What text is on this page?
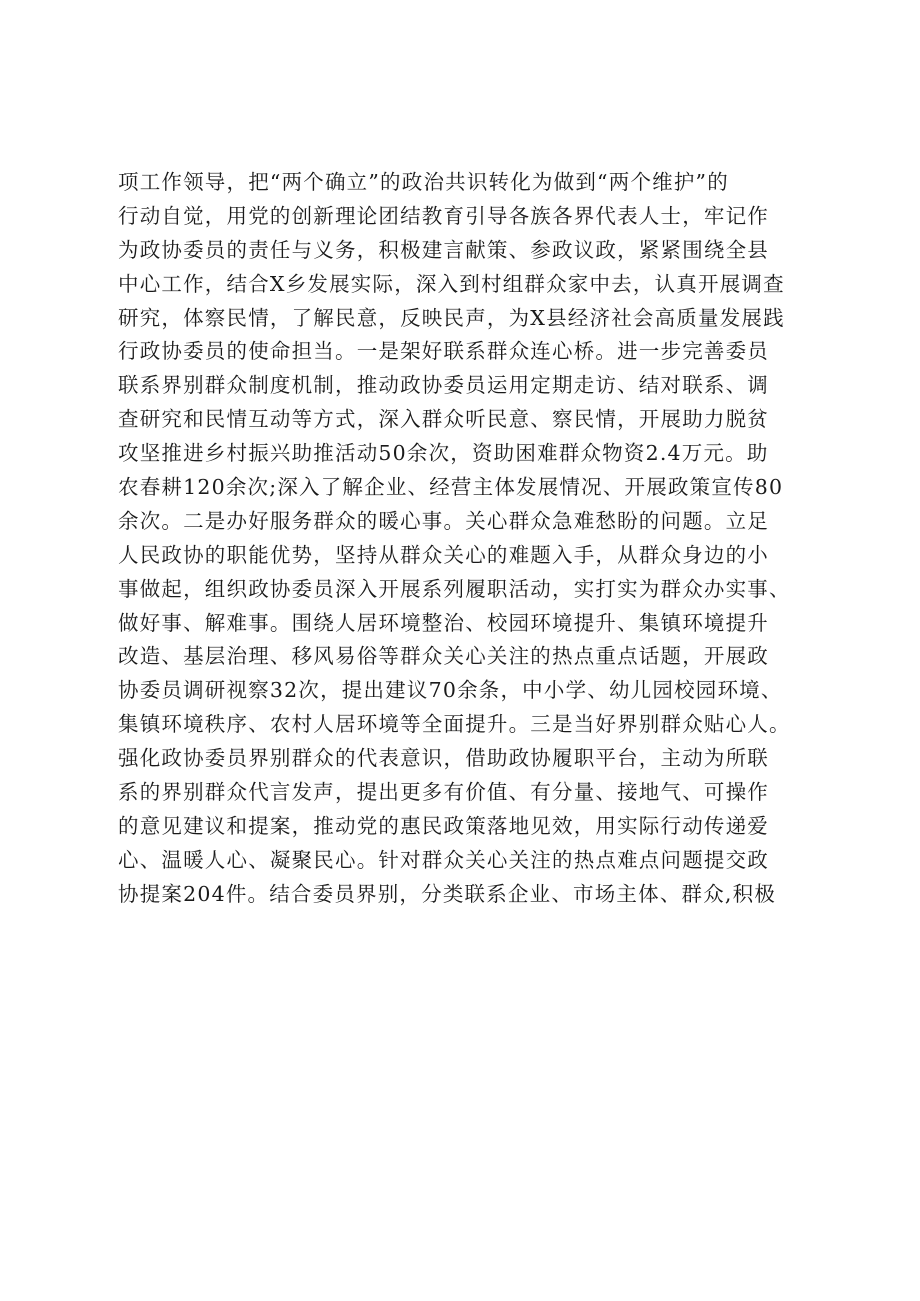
项工作领导，把“两个确立”的政治共识转化为做到“两个维护”的
行动自觉，用党的创新理论团结教育引导各族各界代表人士，牢记作
为政协委员的责任与义务，积极建言献策、参政议政，紧紧围绕全县
中心工作，结合X乡发展实际，深入到村组群众家中去，认真开展调查
研究，体察民情，了解民意，反映民声，为X县经济社会高质量发展践
行政协委员的使命担当。一是架好联系群众连心桥。进一步完善委员
联系界别群众制度机制，推动政协委员运用定期走访、结对联系、调
查研究和民情互动等方式，深入群众听民意、察民情，开展助力脱贫
攻坚推进乡村振兴助推活动50余次，资助困难群众物资2.4万元。助
农春耕120余次;深入了解企业、经营主体发展情况、开展政策宣传80
余次。二是办好服务群众的暖心事。关心群众急难愁盼的问题。立足
人民政协的职能优势，坚持从群众关心的难题入手，从群众身边的小
事做起，组织政协委员深入开展系列履职活动，实打实为群众办实事、
做好事、解难事。围绕人居环境整治、校园环境提升、集镇环境提升
改造、基层治理、移风易俗等群众关心关注的热点重点话题，开展政
协委员调研视察32次，提出建议70余条，中小学、幼儿园校园环境、
集镇环境秩序、农村人居环境等全面提升。三是当好界别群众贴心人。
强化政协委员界别群众的代表意识，借助政协履职平台，主动为所联
系的界别群众代言发声，提出更多有价值、有分量、接地气、可操作
的意见建议和提案，推动党的惠民政策落地见效，用实际行动传递爱
心、温暖人心、凝聚民心。针对群众关心关注的热点难点问题提交政
协提案204件。结合委员界别，分类联系企业、市场主体、群众,积极
